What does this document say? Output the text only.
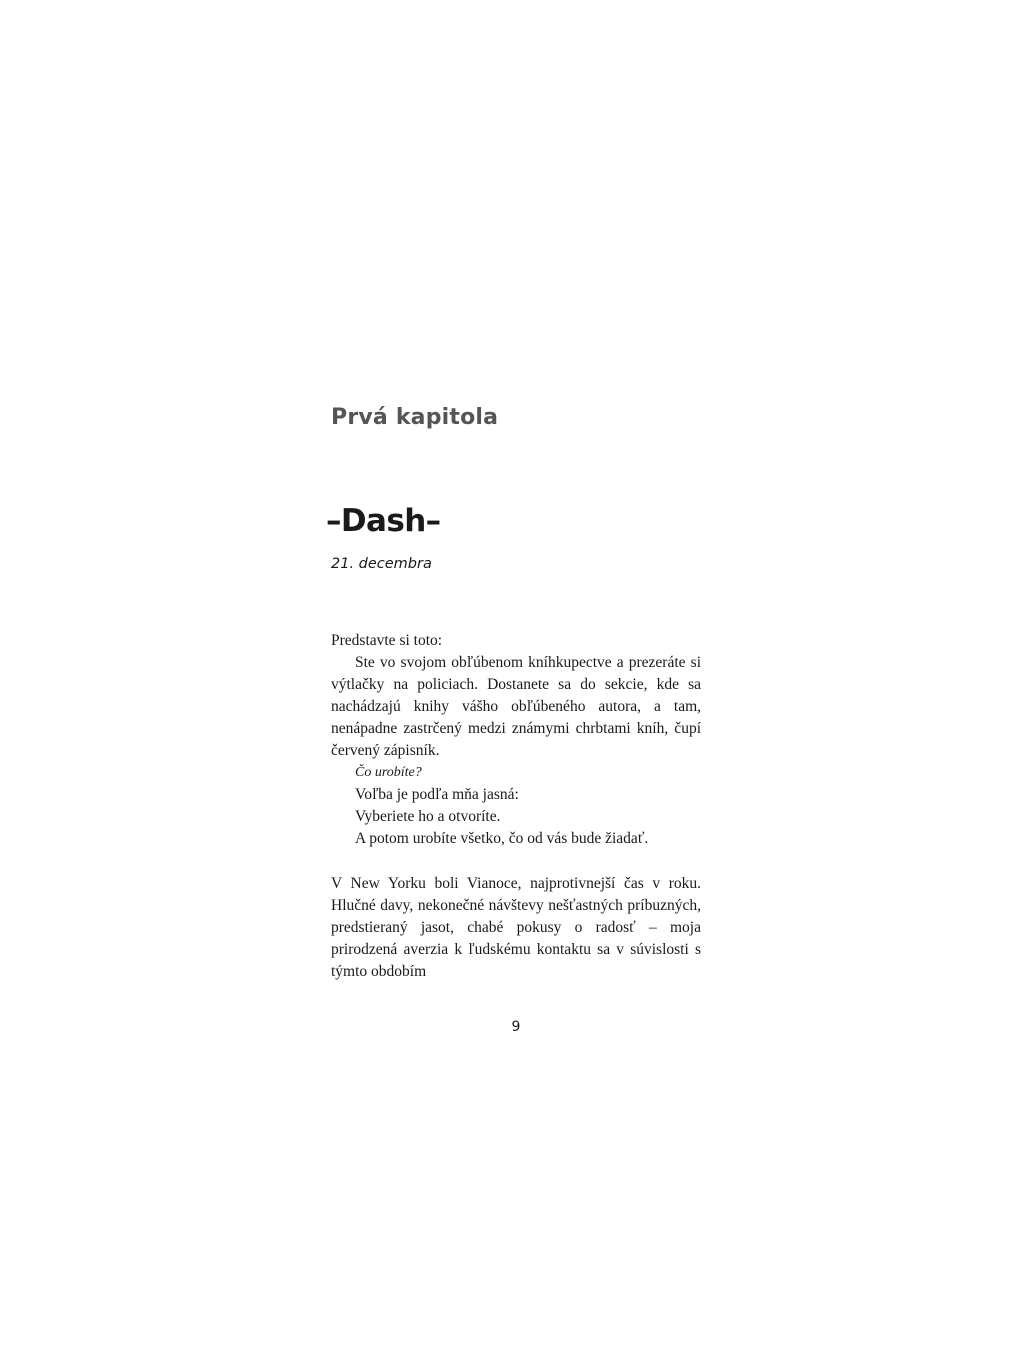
Prvá kapitola
–Dash–
21. decembra

Predstavte si toto:

Ste vo svojom obľúbenom kníhkupectve a prezeráte si výtlačky na policiach. Dostanete sa do sekcie, kde sa nachádzajú knihy vášho obľúbeného autora, a tam, nenápadne zastrčený medzi známymi chrbtami kníh, čupí červený zápisník.

Čo urobíte?

Voľba je podľa mňa jasná:

Vyberiete ho a otvoríte.

A potom urobíte všetko, čo od vás bude žiadať.

V New Yorku boli Vianoce, najprotivnejší čas v roku. Hlučné davy, nekonečné návštevy nešťastných príbuzných, predstieraný jasot, chabé pokusy o radosť – moja prirodzená averzia k ľudskému kontaktu sa v súvislosti s týmto obdobím

9
